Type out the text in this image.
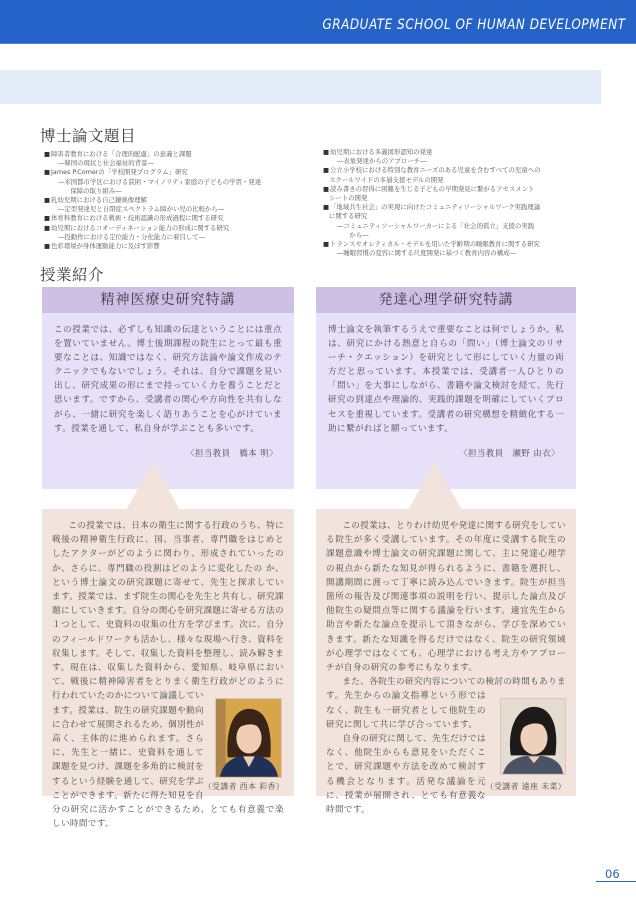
GRADUATE SCHOOL OF HUMAN DEVELOPMENT
博士論文題目
■障害者教育における「合理的配慮」の意義と課題
―韓国の現状と社会福祉的背景―
■James P.Comerの「学校開発プログラム」研究
―米国都市学区における貧困・マイノリティ家庭の子どもの学習・発達
　保障の取り組み―
■乳幼児期における自己鏡映像理解
―定型発達児と自閉症スペクトラム障がい児の比較から―
■体育科教育における戦術・技術認識の形成過程に関する研究
■幼児期におけるコオーディネーション能力の形成に関する研究
―投動作における定位能力・分化能力に着目して―
■色彩環境が身体運動能力に及ぼす影響
■幼児期における多義図形認知の発達
―表象発達からのアプローチ―
■公立小学校における特別な教育ニーズのある児童を含むすべての児童への
スクールワイドの多層支援モデルの開発
■読み書きの習得に困難を生じる子どもの早期発見に繋がるアセスメント
シートの開発
■「地域共生社会」の実現に向けたコミュニティソーシャルワーク実践理論
に関する研究
―コミュニティソーシャルワーカーによる「社会的孤立」支援の実践
　から―
■トランスセオレティカル・モデルを用いた学齢期の睡眠教育に関する研究
―睡眠習慣の変容に関する尺度開発に基づく教育内容の構成―
授業紹介
精神医療史研究特講
この授業では、必ずしも知識の伝達ということには重点を置いていません。博士後期課程の院生にとって最も重要なことは、知識ではなく、研究方法論や論文作成のテクニックでもないでしょう。それは、自分で課題を見い出し、研究成果の形にまで持っていく力を養うことだと思います。ですから、受講者の関心や方向性を共有しながら、一緒に研究を楽しく語りあうことを心がけています。授業を通して、私自身が学ぶことも多いです。
〈担当教員　橋本 明〉

この授業では、日本の衛生に関する行政のうち、特に戦後の精神衛生行政に、国、当事者、専門職をはじめとしたアクターがどのように関わり、形成されていったのか、さらに、専門職の役割はどのように変化したの か、という博士論文の研究課題に寄せて、先生と探求しています。授業では、まず院生の関心を先生と共有し、研究課題にしていきます。自分の関心を研究課題に寄せる方法の１つとして、史資料の収集の仕方を学びます。次に、自分のフィールドワークも活かし、様々な現場へ行き、資料を収集します。そして、収集した資料を整理し、読み解きます。現在は、収集した資料から、愛知県、岐阜県において、戦後に精神障害者をとりまく衛生行政がどのように行われていたのかについて論議しています。授業は、院生の研究課題や動向に合わせて展開されるため、個別性が高く、主体的に進められます。さらに、先生と一緒に、史資料を通して課題を見つけ、課題を多角的に検討をするという経験を通して、研究を学ぶことができます。新たに得た知見を自分の研究に活かすことができるため、とても有意義で楽しい時間です。

（受講者 西本 彩香）
発達心理学研究特講
博士論文を執筆するうえで重要なことは何でしょうか。私は、研究にかける熱意と自らの「問い」（博士論文のリサーチ・クエッション）を研究として形にしていく力量の両方だと思っています。本授業では、受講者一人ひとりの「問い」を大事にしながら、書籍や論文検討を経て、先行研究の到達点や理論的、実践的課題を明確にしていくプロセスを重視しています。受講者の研究構想を精緻化する一助に繋がればと願っています。
〈担当教員　瀬野 由衣〉

この授業は、とりわけ幼児や発達に関する研究をしている院生が多く受講しています。その年度に受講する院生の課題意識や博士論文の研究課題に関して、主に発達心理学の視点から新たな知見が得られるように、書籍を選択し、開講期間に渡って丁寧に読み込んでいきます。院生が担当箇所の報告及び関連事項の説明を行い、提示した論点及び他院生の疑問点等に関する議論を行います。適宜先生から助言や新たな論点を提示して頂きながら、学びを深めていきます。新たな知識を得るだけではなく、院生の研究領域が心理学ではなくても、心理学における考え方やアプローチが自身の研究の参考にもなります。

また、各院生の研究内容についての検討の時間もあります。先生からの論文指導という形ではなく、院生も一研究者として他院生の研究に関して共に学び合っています。

自身の研究に関して、先生だけではなく、他院生からも意見をいただくことで、研究課題や方法を改めて検討する機会となります。活発な議論を元に、授業が展開され、とても有意義な時間です。

（受講者 遠座 未菜）
06
